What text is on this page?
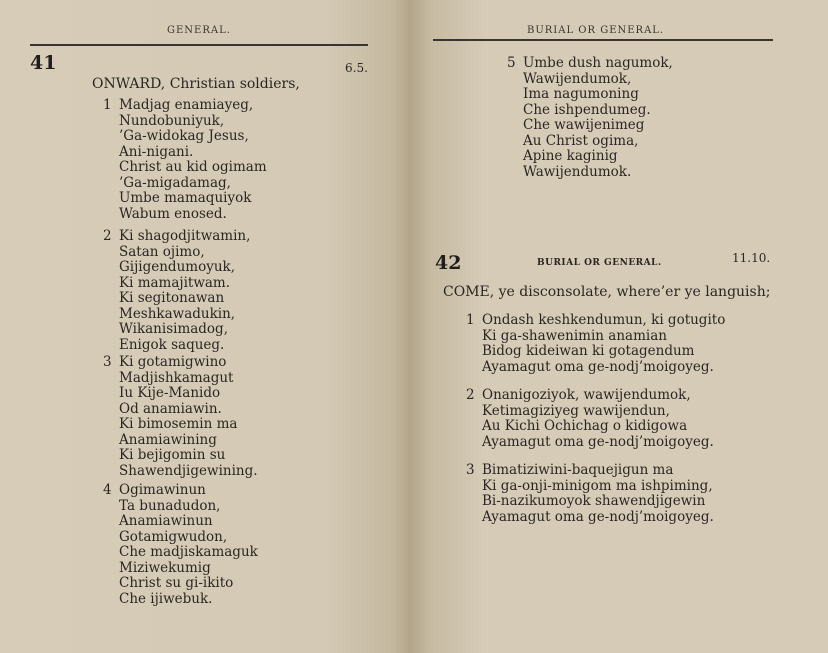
GENERAL.
41	6.5.
ONWARD, Christian soldiers,
1 Madjag enamiayeg,
Nundobuniyuk,
’Ga-widokag Jesus,
Ani-nigani.
Christ au kid ogimam
’Ga-migadamag,
Umbe mamaquiyok
Wabum enosed.
2 Ki shagodjitwamin,
Satan ojimo,
Gijigendumoyuk,
Ki mamajitwam.
Ki segitonawan
Meshkawadukin,
Wikanisimadog,
Enigok saqueg.
3 Ki gotamigwino
Madjishkamagut
Iu Kije-Manido
Od anamiawin.
Ki bimosemin ma
Anamiawining
Ki bejigomin su
Shawendjigewining.
4 Ogimawinun
Ta bunadudon,
Anamiawinun
Gotamigwudon,
Che madjiskamaguk
Miziwekumig
Christ su gi-ikito
Che ijiwebuk.
BURIAL OR GENERAL.
5 Umbe dush nagumok,
Wawijendumok,
Ima nagumoning
Che ishpendumeg.
Che wawijenimeg
Au Christ ogima,
Apine kaginig
Wawijendumok.
42	BURIAL OR GENERAL.	11.10.
COME, ye disconsolate, where’er ye languish;
1 Ondash keshkendumun, ki gotugito
Ki ga-shawenimin anamian
Bidog kideiwan ki gotagendum
Ayamagut oma ge-nodj’moigoyeg.
2 Onanigoziyok, wawijendumok,
Ketimagiziyeg wawijendun,
Au Kichi Ochichag o kidigowa
Ayamagut oma ge-nodj’moigoyeg.
3 Bimatiziwini-baquejigun ma
Ki ga-onji-minigom ma ishpiming,
Bi-nazikumoyok shawendjigewin
Ayamagut oma ge-nodj’moigoyeg.
